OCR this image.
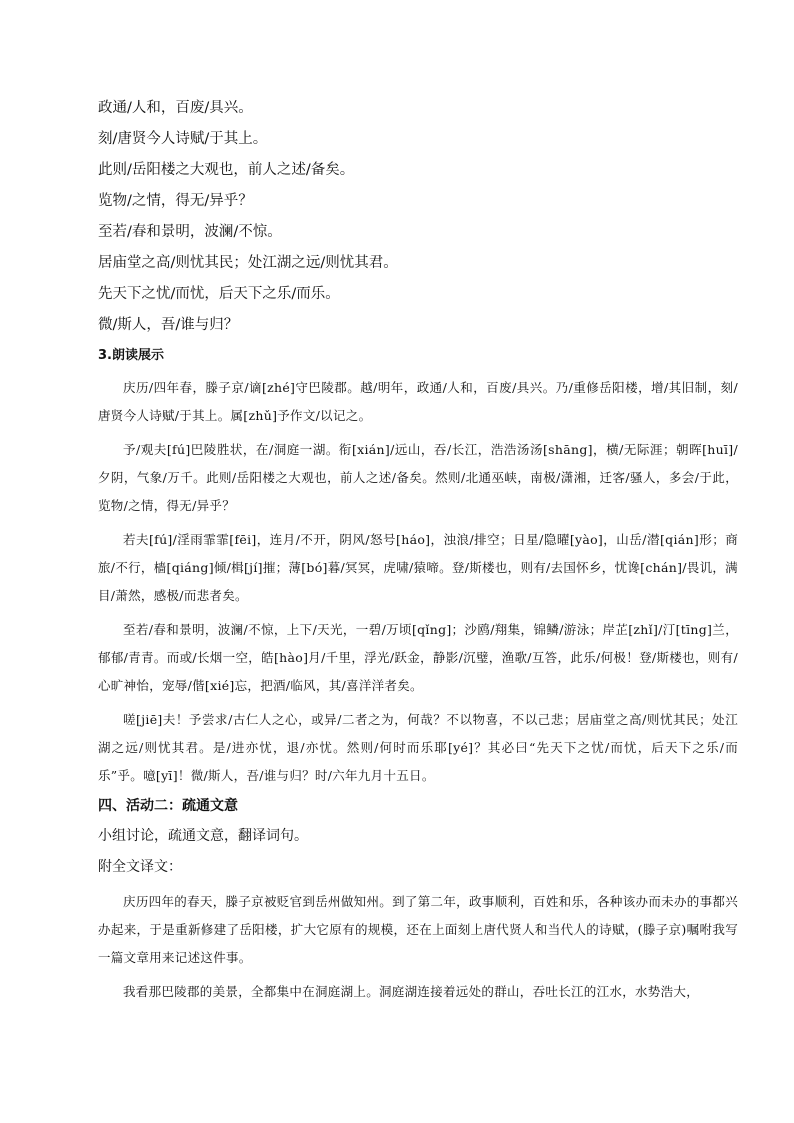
政通/人和，百废/具兴。

刻/唐贤今人诗赋/于其上。

此则/岳阳楼之大观也，前人之述/备矣。

览物/之情，得无/异乎？

至若/春和景明，波澜/不惊。

居庙堂之高/则忧其民；处江湖之远/则忧其君。

先天下之忧/而忧，后天下之乐/而乐。

微/斯人，吾/谁与归？

3.朗读展示

庆历/四年春，滕子京/谪[zhé]守巴陵郡。越/明年，政通/人和，百废/具兴。乃/重修岳阳楼，增/其旧制，刻/唐贤今人诗赋/于其上。属[zhǔ]予作文/以记之。

予/观夫[fú]巴陵胜状，在/洞庭一湖。衔[xián]/远山，吞/长江，浩浩汤汤[shāng]，横/无际涯；朝晖[huī]/夕阴，气象/万千。此则/岳阳楼之大观也，前人之述/备矣。然则/北通巫峡，南极/潇湘，迁客/骚人，多会/于此，览物/之情，得无/异乎？

若夫[fú]/淫雨霏霏[fēi]，连月/不开，阴风/怒号[háo]，浊浪/排空；日星/隐曜[yào]，山岳/潜[qián]形；商旅/不行，樯[qiáng]倾/楫[jí]摧；薄[bó]暮/冥冥，虎啸/猿啼。登/斯楼也，则有/去国怀乡，忧谗[chán]/畏讥，满目/萧然，感极/而悲者矣。

至若/春和景明，波澜/不惊，上下/天光，一碧/万顷[qǐng]；沙鸥/翔集，锦鳞/游泳；岸芷[zhǐ]/汀[tīng]兰，郁郁/青青。而或/长烟一空，皓[hào]月/千里，浮光/跃金，静影/沉璧，渔歌/互答，此乐/何极！登/斯楼也，则有/心旷神怡，宠辱/偕[xié]忘，把酒/临风，其/喜洋洋者矣。

嗟[jiē]夫！予尝求/古仁人之心，或异/二者之为，何哉？不以物喜，不以己悲；居庙堂之高/则忧其民；处江湖之远/则忧其君。是/进亦忧，退/亦忧。然则/何时而乐耶[yé]？其必曰“先天下之忧/而忧，后天下之乐/而乐”乎。噫[yī]！微/斯人，吾/谁与归？时/六年九月十五日。

四、活动二：疏通文意

小组讨论，疏通文意，翻译词句。

附全文译文：

庆历四年的春天，滕子京被贬官到岳州做知州。到了第二年，政事顺利，百姓和乐，各种该办而未办的事都兴办起来，于是重新修建了岳阳楼，扩大它原有的规模，还在上面刻上唐代贤人和当代人的诗赋，(滕子京)嘱咐我写一篇文章用来记述这件事。

我看那巴陵郡的美景，全都集中在洞庭湖上。洞庭湖连接着远处的群山，吞吐长江的江水，水势浩大，
